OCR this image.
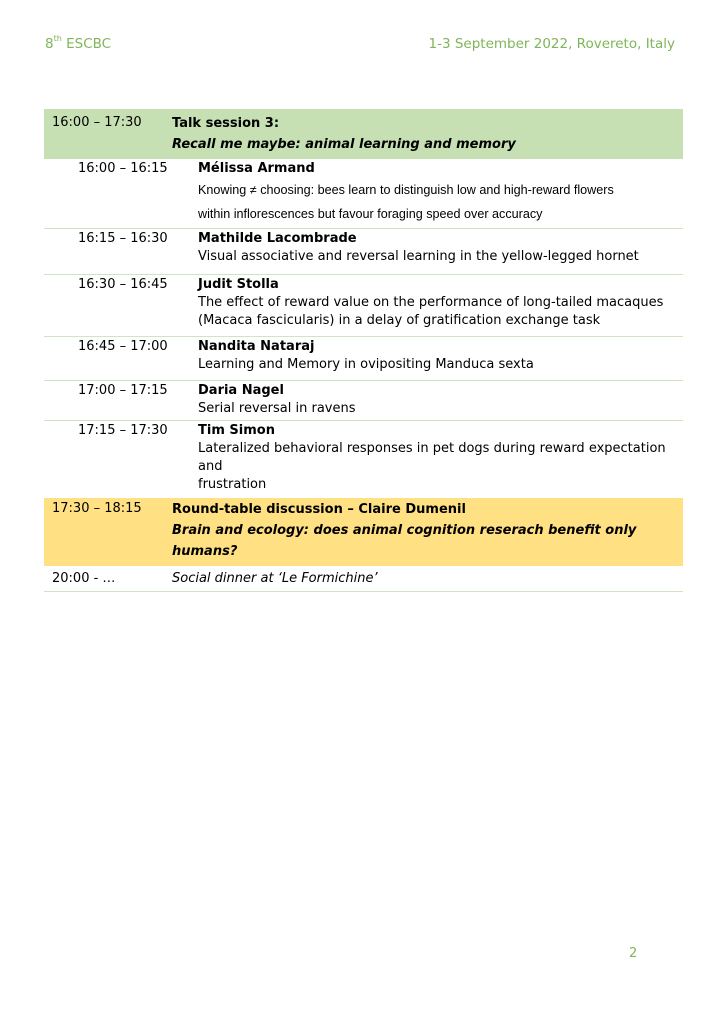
8th ESCBC	1-3 September 2022, Rovereto, Italy
16:00 – 17:30	Talk session 3:
Recall me maybe: animal learning and memory
16:00 – 16:15	Mélissa Armand
Knowing ≠ choosing: bees learn to distinguish low and high-reward flowers
within inflorescences but favour foraging speed over accuracy
16:15 – 16:30	Mathilde Lacombrade
Visual associative and reversal learning in the yellow-legged hornet
16:30 – 16:45	Judit Stolla
The effect of reward value on the performance of long-tailed macaques
(Macaca fascicularis) in a delay of gratification exchange task
16:45 – 17:00	Nandita Nataraj
Learning and Memory in ovipositing Manduca sexta
17:00 – 17:15	Daria Nagel
Serial reversal in ravens
17:15 – 17:30	Tim Simon
Lateralized behavioral responses in pet dogs during reward expectation and
frustration
17:30 – 18:15	Round-table discussion – Claire Dumenil
Brain and ecology: does animal cognition reserach benefit only humans?
20:00 - …	Social dinner at ‘Le Formichine’
2
